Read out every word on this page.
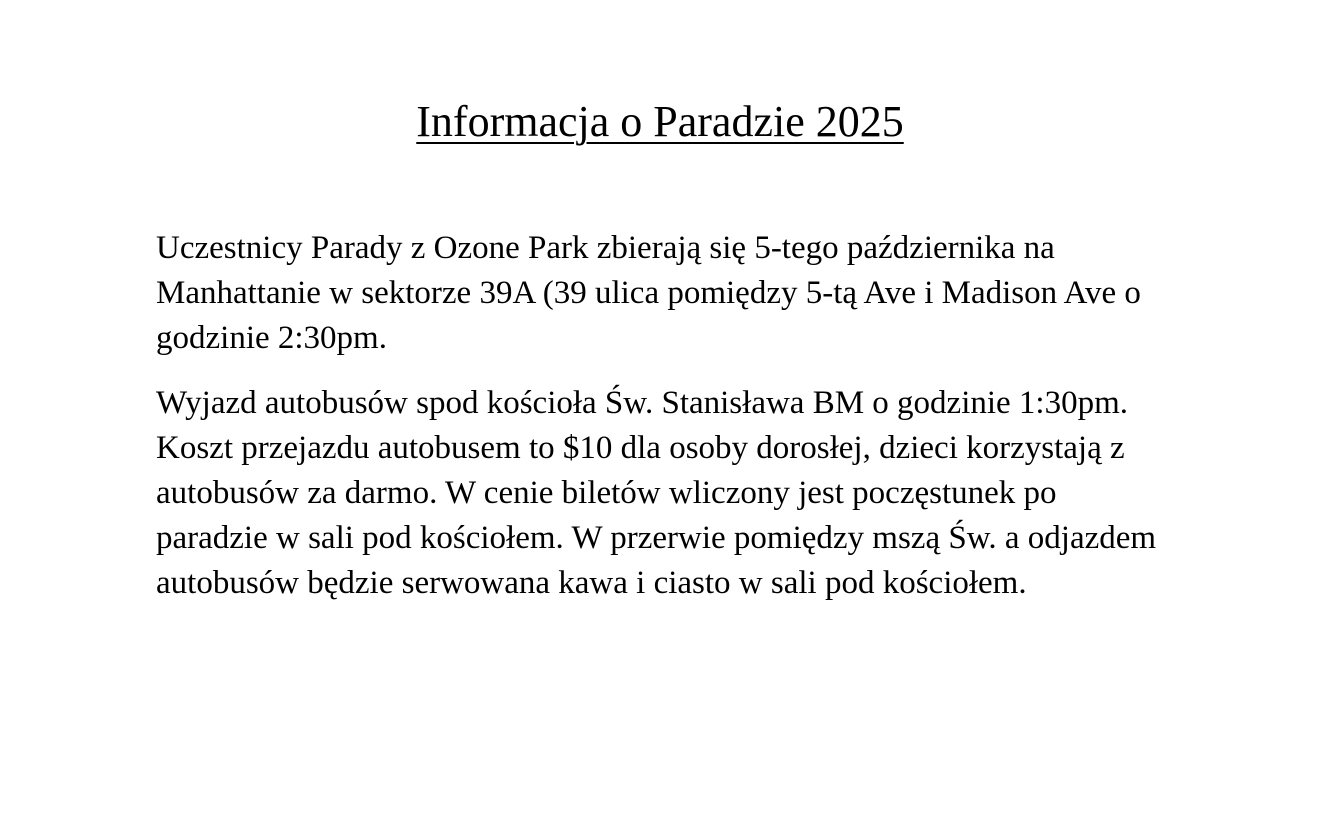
Informacja o Paradzie 2025

Uczestnicy Parady z Ozone Park zbierają się 5-tego października na Manhattanie w sektorze 39A (39 ulica pomiędzy 5-tą Ave i Madison Ave o godzinie 2:30pm.

Wyjazd autobusów spod kościoła Św. Stanisława BM o godzinie 1:30pm. Koszt przejazdu autobusem to $10 dla osoby dorosłej, dzieci korzystają z autobusów za darmo. W cenie biletów wliczony jest poczęstunek po paradzie w sali pod kościołem. W przerwie pomiędzy mszą Św. a odjazdem autobusów będzie serwowana kawa i ciasto w sali pod kościołem.
